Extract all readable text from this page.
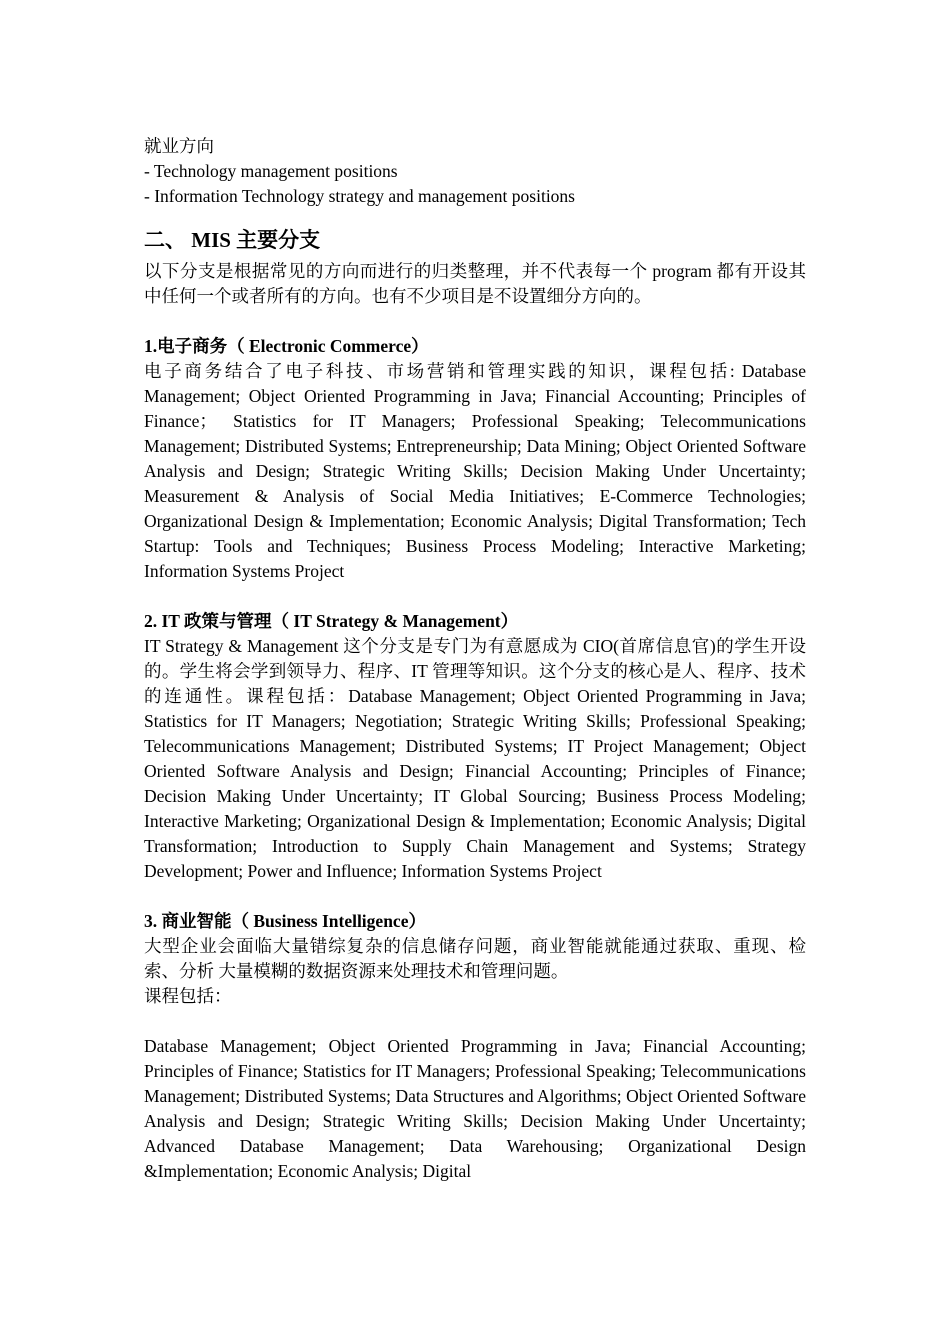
就业方向
- Technology management positions
- Information Technology strategy and management positions
二、 MIS 主要分支
以下分支是根据常见的方向而进行的归类整理，并不代表每一个 program 都有开设其中任何一个或者所有的方向。也有不少项目是不设置细分方向的。
1.电子商务（ Electronic Commerce）
电子商务结合了电子科技、市场营销和管理实践的知识，课程包括: Database Management; Object Oriented Programming in Java; Financial Accounting; Principles of Finance； Statistics for IT Managers; Professional Speaking; Telecommunications Management; Distributed Systems; Entrepreneurship; Data Mining; Object Oriented Software Analysis and Design; Strategic Writing Skills; Decision Making Under Uncertainty; Measurement & Analysis of Social Media Initiatives; E-Commerce Technologies; Organizational Design & Implementation; Economic Analysis; Digital Transformation; Tech Startup: Tools and Techniques; Business Process Modeling; Interactive Marketing; Information Systems Project
2. IT 政策与管理（ IT Strategy & Management）
IT Strategy & Management 这个分支是专门为有意愿成为 CIO(首席信息官)的学生开设的。学生将会学到领导力、程序、IT 管理等知识。这个分支的核心是人、程序、技术的连通性。课程包括：Database Management; Object Oriented Programming in Java; Statistics for IT Managers; Negotiation; Strategic Writing Skills; Professional Speaking; Telecommunications Management; Distributed Systems; IT Project Management; Object Oriented Software Analysis and Design; Financial Accounting; Principles of Finance; Decision Making Under Uncertainty; IT Global Sourcing; Business Process Modeling; Interactive Marketing; Organizational Design & Implementation; Economic Analysis; Digital Transformation; Introduction to Supply Chain Management and Systems; Strategy Development; Power and Influence; Information Systems Project
3. 商业智能（ Business Intelligence）
大型企业会面临大量错综复杂的信息储存问题，商业智能就能通过获取、重现、检索、分析 大量模糊的数据资源来处理技术和管理问题。
课程包括：
Database Management; Object Oriented Programming in Java; Financial Accounting; Principles of Finance; Statistics for IT Managers; Professional Speaking; Telecommunications Management; Distributed Systems; Data Structures and Algorithms; Object Oriented Software Analysis and Design; Strategic Writing Skills; Decision Making Under Uncertainty; Advanced Database Management; Data Warehousing; Organizational Design &Implementation; Economic Analysis; Digital
